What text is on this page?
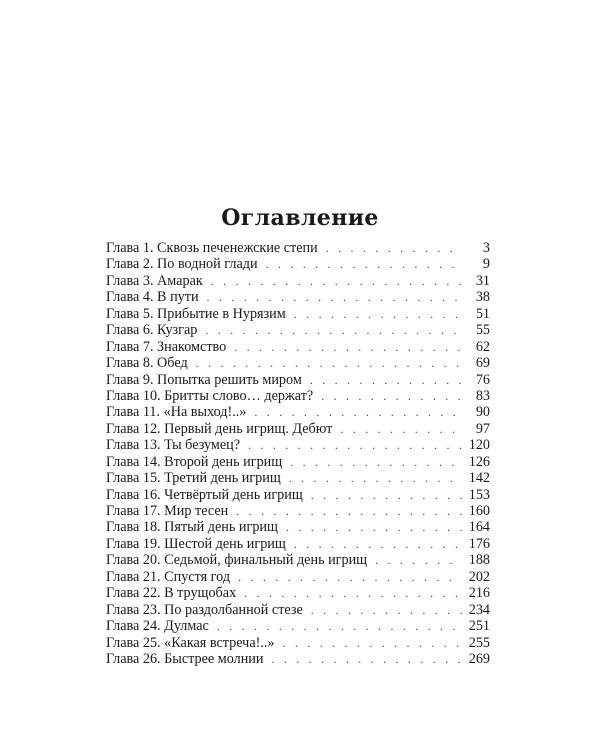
Оглавление
Глава 1. Сквозь печенежские степи . . .	3
Глава 2. По водной глади . . .	9
Глава 3. Амарак . . .	31
Глава 4. В пути . . .	38
Глава 5. Прибытие в Нурязим . . .	51
Глава 6. Кузгар . . .	55
Глава 7. Знакомство . . .	62
Глава 8. Обед . . .	69
Глава 9. Попытка решить миром . . .	76
Глава 10. Бритты слово… держат? . . .	83
Глава 11. «На выход!..» . . .	90
Глава 12. Первый день игрищ. Дебют . . .	97
Глава 13. Ты безумец? . . .	120
Глава 14. Второй день игрищ . . .	126
Глава 15. Третий день игрищ . . .	142
Глава 16. Четвёртый день игрищ . . .	153
Глава 17. Мир тесен . . .	160
Глава 18. Пятый день игрищ . . .	164
Глава 19. Шестой день игрищ . . .	176
Глава 20. Седьмой, финальный день игрищ . . .	188
Глава 21. Спустя год . . .	202
Глава 22. В трущобах . . .	216
Глава 23. По раздолбанной стезе . . .	234
Глава 24. Дулмас . . .	251
Глава 25. «Какая встреча!..» . . .	255
Глава 26. Быстрее молнии . . .	269
